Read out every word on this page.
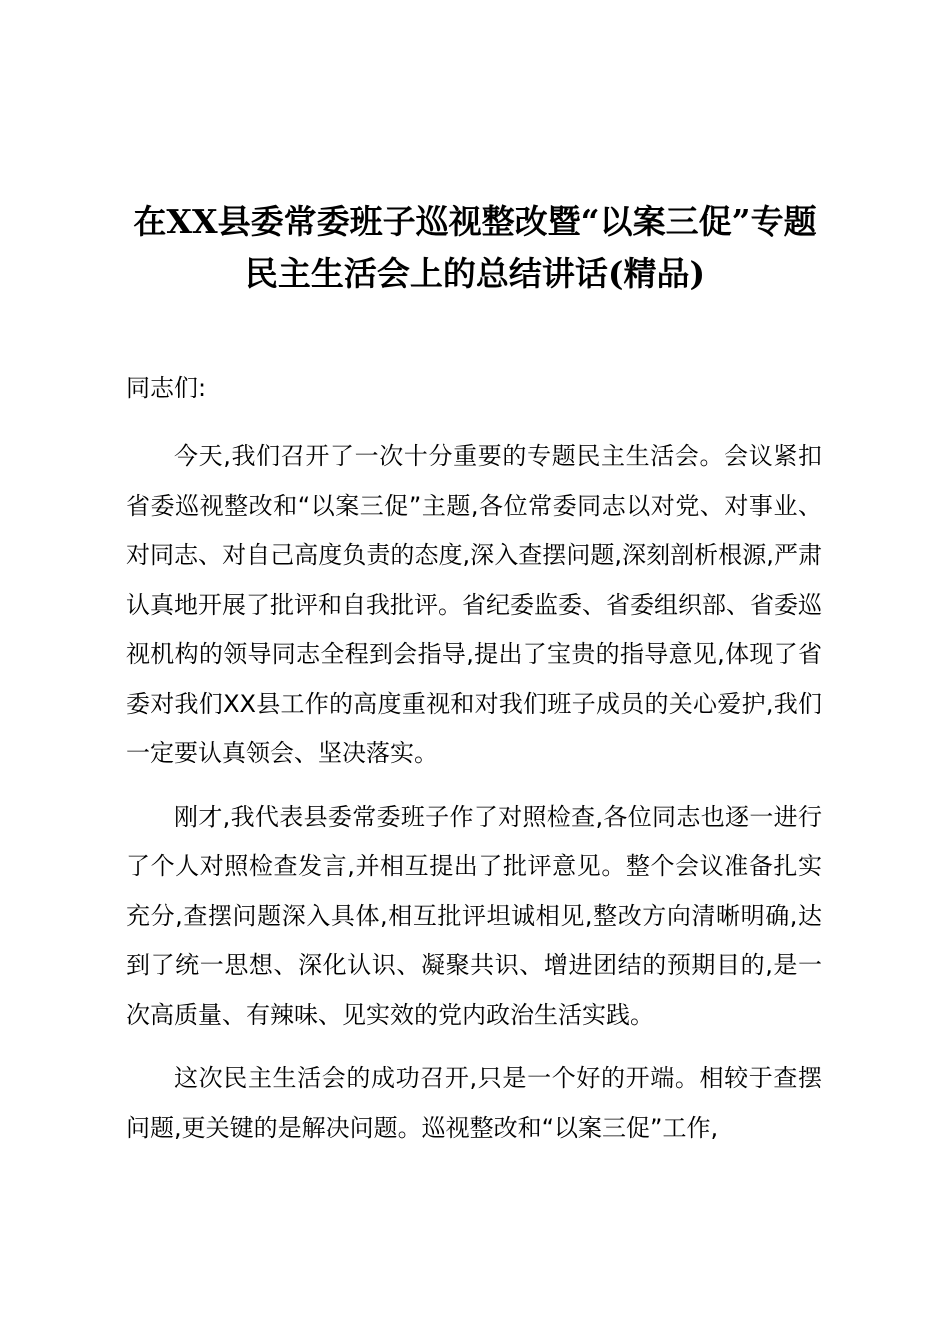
在XX县委常委班子巡视整改暨“以案三促”专题民主生活会上的总结讲话(精品)

同志们:

今天,我们召开了一次十分重要的专题民主生活会。会议紧扣省委巡视整改和“以案三促”主题,各位常委同志以对党、对事业、对同志、对自己高度负责的态度,深入查摆问题,深刻剖析根源,严肃认真地开展了批评和自我批评。省纪委监委、省委组织部、省委巡视机构的领导同志全程到会指导,提出了宝贵的指导意见,体现了省委对我们XX县工作的高度重视和对我们班子成员的关心爱护,我们一定要认真领会、坚决落实。

刚才,我代表县委常委班子作了对照检查,各位同志也逐一进行了个人对照检查发言,并相互提出了批评意见。整个会议准备扎实充分,查摆问题深入具体,相互批评坦诚相见,整改方向清晰明确,达到了统一思想、深化认识、凝聚共识、增进团结的预期目的,是一次高质量、有辣味、见实效的党内政治生活实践。

这次民主生活会的成功召开,只是一个好的开端。相较于查摆问题,更关键的是解决问题。巡视整改和“以案三促”工作,
